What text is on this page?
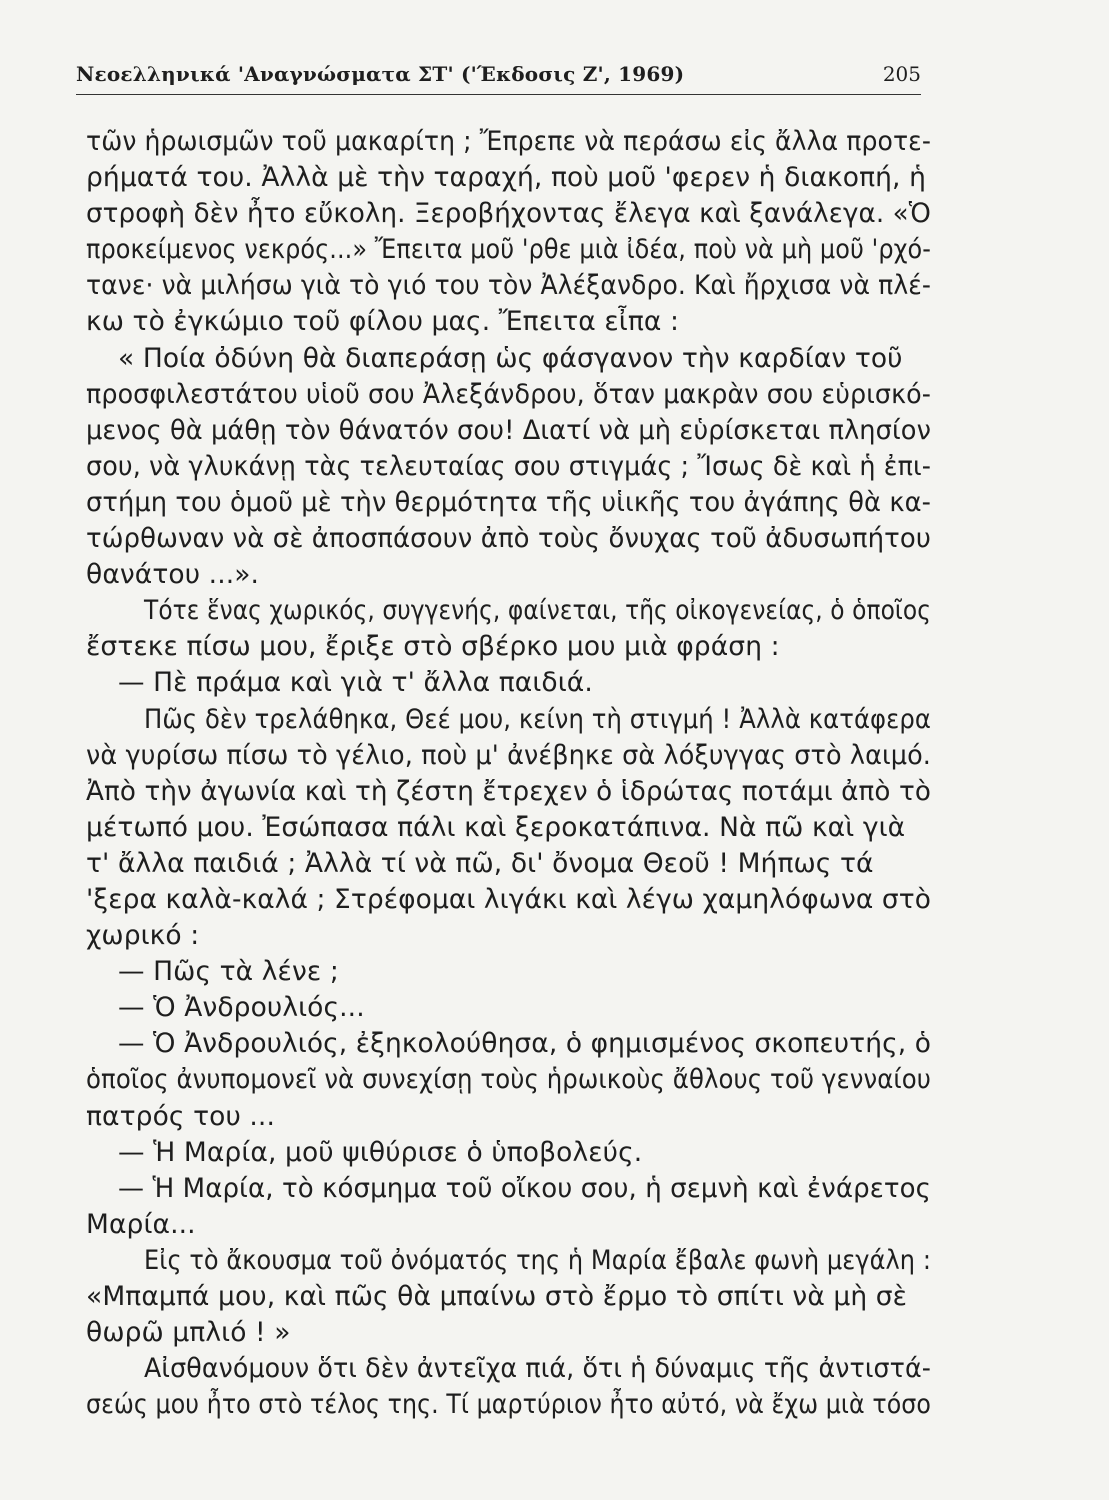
Νεοελληνικά 'Αναγνώσματα ΣΤ' ('Έκδοσις Ζ', 1969)	205
τῶν ἡρωισμῶν τοῦ μακαρίτη ; Ἔπρεπε νὰ περάσω εἰς ἄλλα προτε-
ρήματά του. Ἀλλὰ μὲ τὴν ταραχή, ποὺ μοῦ 'φερεν ἡ διακοπή, ἡ
στροφὴ δὲν ἦτο εὔκολη. Ξεροβήχοντας ἔλεγα καὶ ξανάλεγα. «Ὁ
προκείμενος νεκρός...» Ἔπειτα μοῦ 'ρθε μιὰ ἰδέα, ποὺ νὰ μὴ μοῦ 'ρχό-
τανε· νὰ μιλήσω γιὰ τὸ γιό του τὸν Ἀλέξανδρο. Καὶ ἤρχισα νὰ πλέ-
κω τὸ ἐγκώμιο τοῦ φίλου μας. Ἔπειτα εἶπα :
« Ποία ὀδύνη θὰ διαπεράσῃ ὡς φάσγανον τὴν καρδίαν τοῦ
προσφιλεστάτου υἱοῦ σου Ἀλεξάνδρου, ὅταν μακρὰν σου εὑρισκό-
μενος θὰ μάθῃ τὸν θάνατόν σου! Διατί νὰ μὴ εὑρίσκεται πλησίον
σου, νὰ γλυκάνῃ τὰς τελευταίας σου στιγμάς ; Ἴσως δὲ καὶ ἡ ἐπι-
στήμη του ὁμοῦ μὲ τὴν θερμότητα τῆς υἱικῆς του ἀγάπης θὰ κα-
τώρθωναν νὰ σὲ ἀποσπάσουν ἀπὸ τοὺς ὄνυχας τοῦ ἀδυσωπήτου
θανάτου ...».
Τότε ἕνας χωρικός, συγγενής, φαίνεται, τῆς οἰκογενείας, ὁ ὁποῖος
ἔστεκε πίσω μου, ἔριξε στὸ σβέρκο μου μιὰ φράση :
— Πὲ πράμα καὶ γιὰ τ' ἄλλα παιδιά.
Πῶς δὲν τρελάθηκα, Θεέ μου, κείνη τὴ στιγμή ! Ἀλλὰ κατάφερα
νὰ γυρίσω πίσω τὸ γέλιο, ποὺ μ' ἀνέβηκε σὰ λόξυγγας στὸ λαιμό.
Ἀπὸ τὴν ἀγωνία καὶ τὴ ζέστη ἔτρεχεν ὁ ἱδρώτας ποτάμι ἀπὸ τὸ
μέτωπό μου. Ἐσώπασα πάλι καὶ ξεροκατάπινα. Νὰ πῶ καὶ γιὰ
τ' ἄλλα παιδιά ; Ἀλλὰ τί νὰ πῶ, δι' ὄνομα Θεοῦ ! Μήπως τά
'ξερα καλὰ-καλά ; Στρέφομαι λιγάκι καὶ λέγω χαμηλόφωνα στὸ
χωρικό :
— Πῶς τὰ λένε ;
— Ὁ Ἀνδρουλιός...
— Ὁ Ἀνδρουλιός, ἐξηκολούθησα, ὁ φημισμένος σκοπευτής, ὁ
ὁποῖος ἀνυπομονεῖ νὰ συνεχίσῃ τοὺς ἡρωικοὺς ἄθλους τοῦ γενναίου
πατρός του ...
— Ἡ Μαρία, μοῦ ψιθύρισε ὁ ὑποβολεύς.
— Ἡ Μαρία, τὸ κόσμημα τοῦ οἴκου σου, ἡ σεμνὴ καὶ ἐνάρετος
Μαρία...
Εἰς τὸ ἄκουσμα τοῦ ὀνόματός της ἡ Μαρία ἔβαλε φωνὴ μεγάλη :
«Μπαμπά μου, καὶ πῶς θὰ μπαίνω στὸ ἔρμο τὸ σπίτι νὰ μὴ σὲ
θωρῶ μπλιό ! »
Αἰσθανόμουν ὅτι δὲν ἀντεῖχα πιά, ὅτι ἡ δύναμις τῆς ἀντιστά-
σεώς μου ἦτο στὸ τέλος της. Τί μαρτύριον ἦτο αὐτό, νὰ ἔχω μιὰ τόσο
